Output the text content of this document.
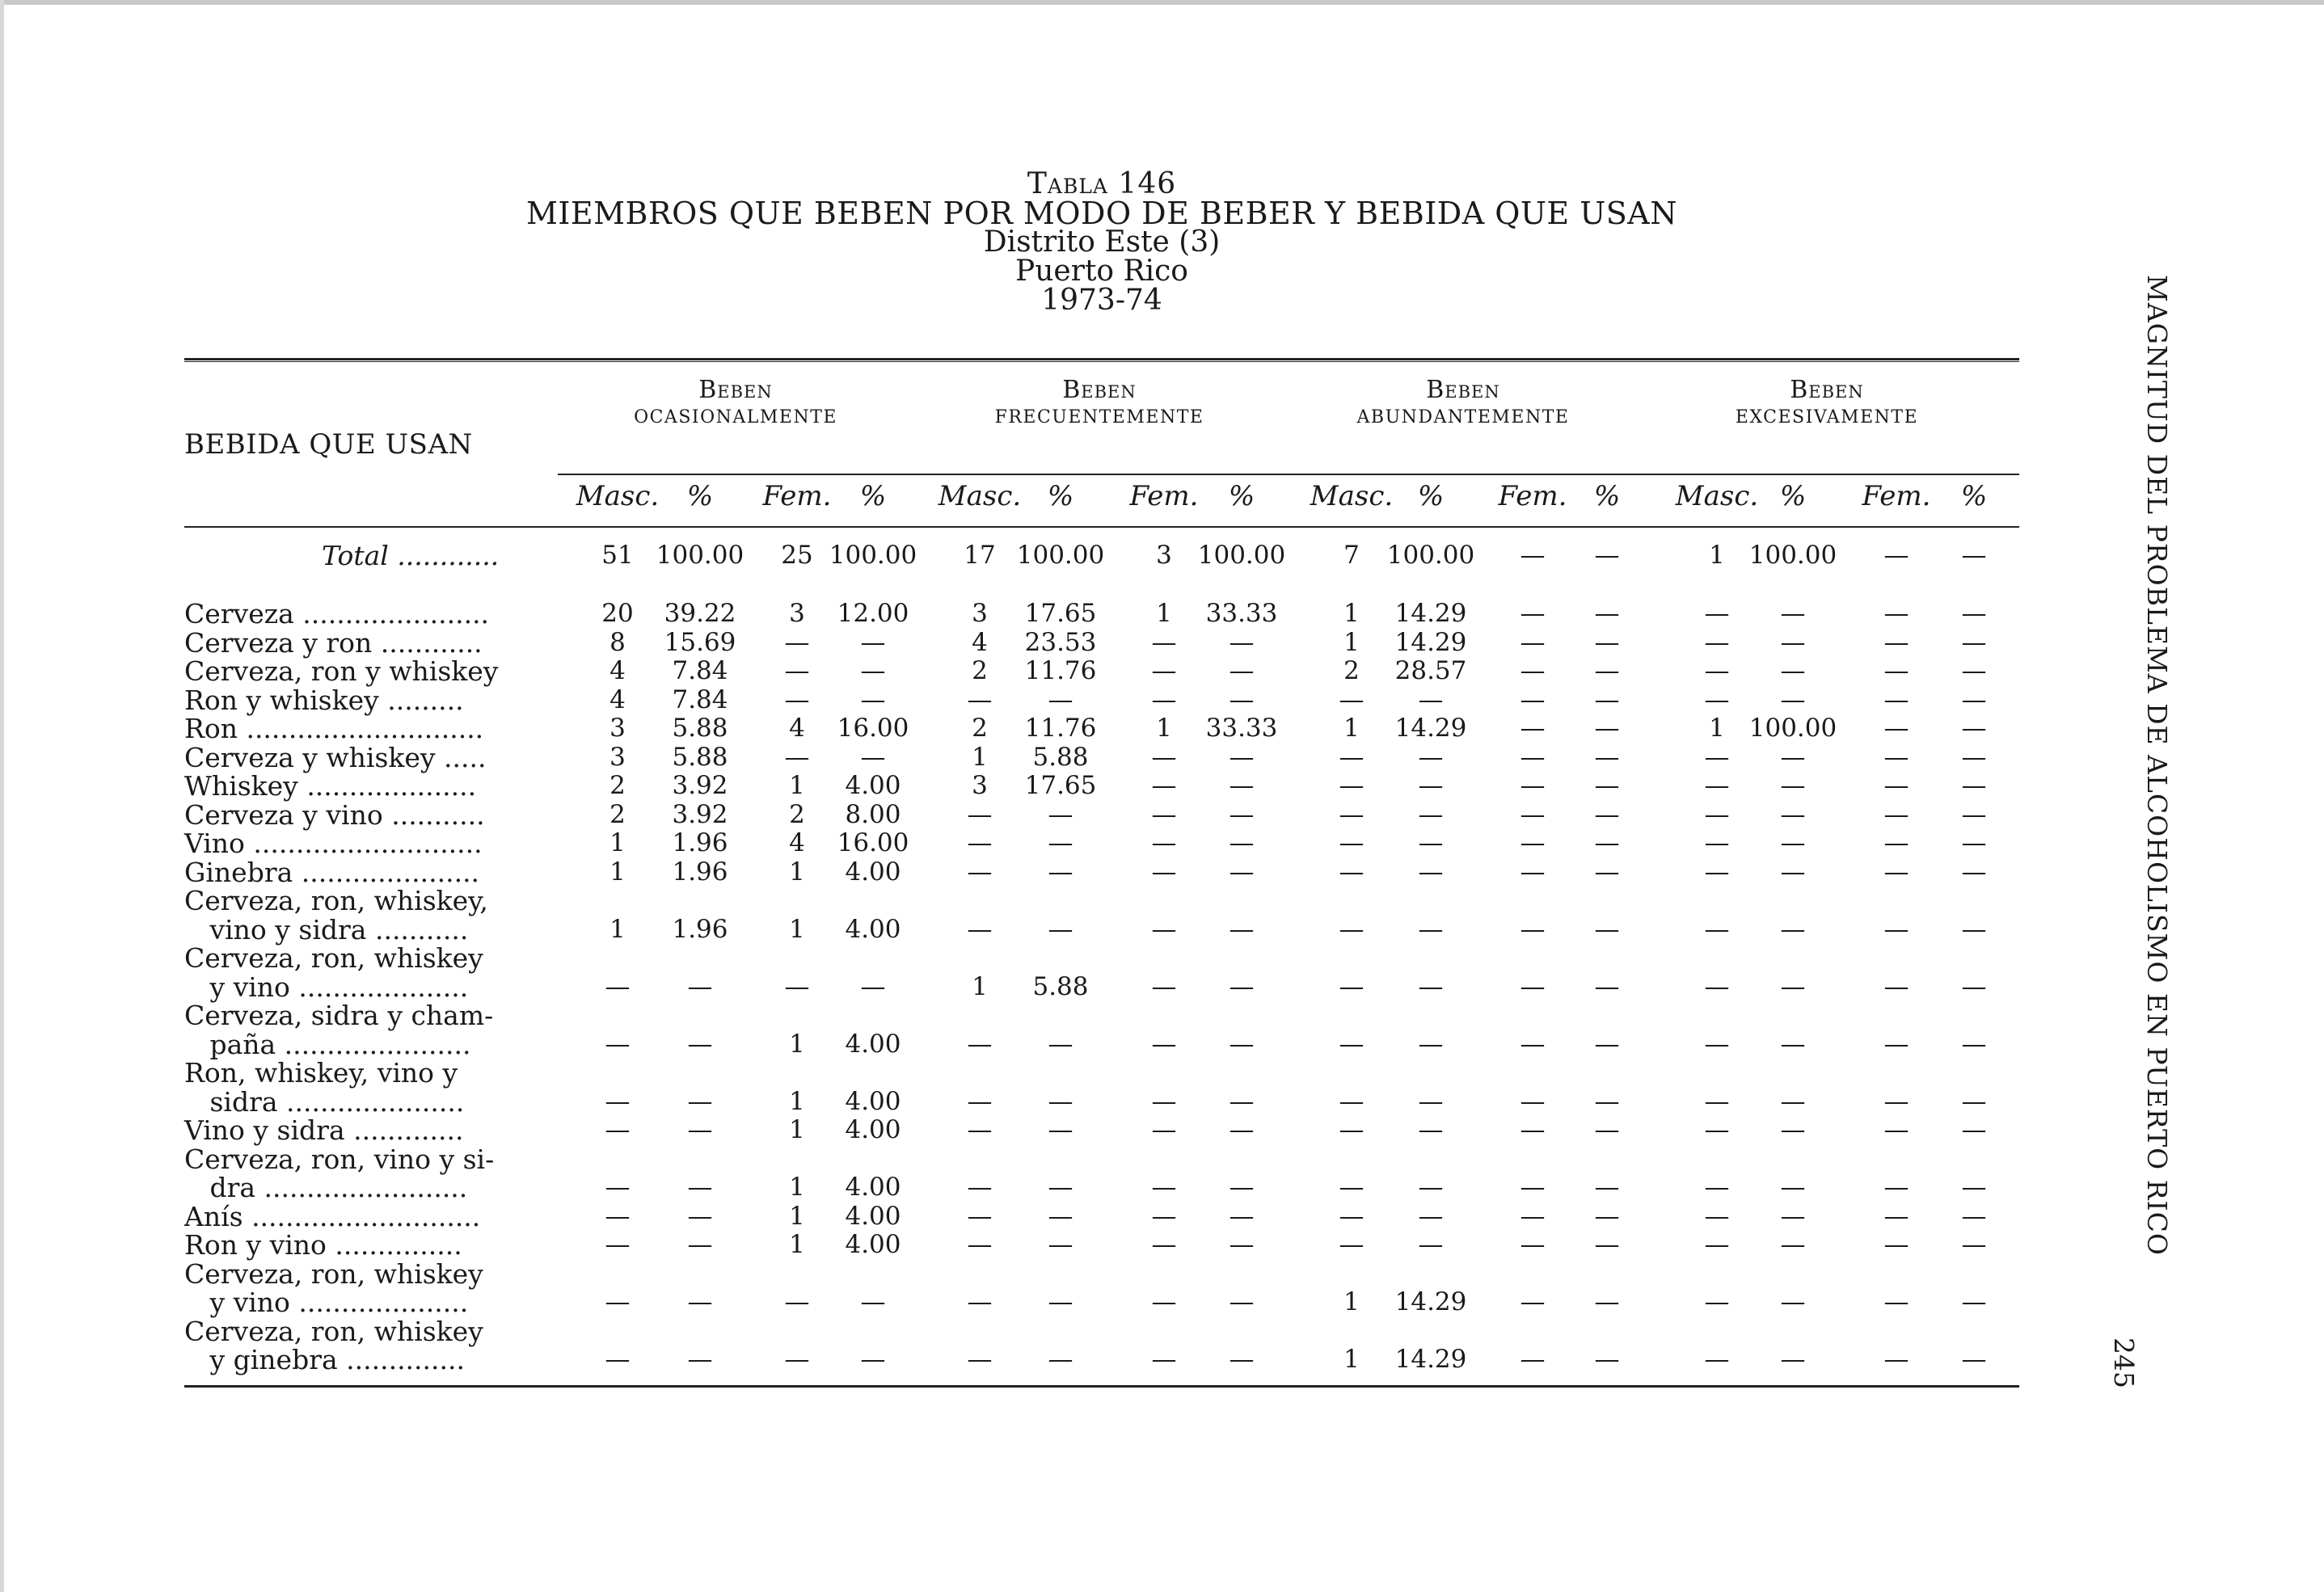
Tabla 146
MIEMBROS QUE BEBEN POR MODO DE BEBER Y BEBIDA QUE USAN
Distrito Este (3)
Puerto Rico
1973-74
BEBIDA QUE USAN
Beben
OCASIONALMENTE
Beben
FRECUENTEMENTE
Beben
ABUNDANTEMENTE
Beben
EXCESIVAMENTE
Masc.	%	Fem.	%	Masc. %	Fem.	%	Masc. %	Fem. %	Masc. %	Fem.	%
Total ............	51 100.00	25 100.00	17 100.00	3	100.00	7	100.00	—	—	1 100.00	—	—
Cerveza ......................	20	39.22	3	12.00	3	17.65	1	33.33	1	14.29	—	—	—	—	—	—
Cerveza y ron ............	8	15.69	—	—	4	23.53	—	—	1	14.29	—	—	—	—	—	—
Cerveza, ron y whiskey	4	7.84	—	—	2	11.76	—	—	2	28.57	—	—	—	—	—	—
Ron y whiskey .........	4	7.84	—	—	—	—	—	—	—	—	—	—	—	—	—	—
Ron ............................	3	5.88	4	16.00	2	11.76	1	33.33	1	14.29	—	—	1 100.00	—	—
Cerveza y whiskey .....	3	5.88	—	—	1	5.88	—	—	—	—	—	—	—	—	—	—
Whiskey ....................	2	3.92	1	4.00	3	17.65	—	—	—	—	—	—	—	—	—	—
Cerveza y vino ...........	2	3.92	2	8.00	—	—	—	—	—	—	—	—	—	—	—	—
Vino ...........................	1	1.96	4	16.00	—	—	—	—	—	—	—	—	—	—	—	—
Ginebra .....................	1	1.96	1	4.00	—	—	—	—	—	—	—	—	—	—	—	—
Cerveza, ron, whiskey,
vino y sidra ...........	1	1.96	1	4.00	—	—	—	—	—	—	—	—	—	—	—	—
Cerveza, ron, whiskey
y vino ....................	—	—	—	—	1	5.88	—	—	—	—	—	—	—	—	—	—
Cerveza, sidra y cham-
paña ......................	—	—	1	4.00	—	—	—	—	—	—	—	—	—	—	—	—
Ron, whiskey, vino y
sidra .....................	—	—	1	4.00	—	—	—	—	—	—	—	—	—	—	—	—
Vino y sidra .............	—	—	1	4.00	—	—	—	—	—	—	—	—	—	—	—	—
Cerveza, ron, vino y si-
dra ........................	—	—	1	4.00	—	—	—	—	—	—	—	—	—	—	—	—
Anís ...........................	—	—	1	4.00	—	—	—	—	—	—	—	—	—	—	—	—
Ron y vino ...............	—	—	1	4.00	—	—	—	—	—	—	—	—	—	—	—	—
Cerveza, ron, whiskey
y vino ....................	—	—	—	—	—	—	—	—	1	14.29	—	—	—	—	—	—
Cerveza, ron, whiskey
y ginebra ..............	—	—	—	—	—	—	—	—	1	14.29	—	—	—	—	—	—
MAGNITUD DEL PROBLEMA DE ALCOHOLISMO EN PUERTO RICO
245
